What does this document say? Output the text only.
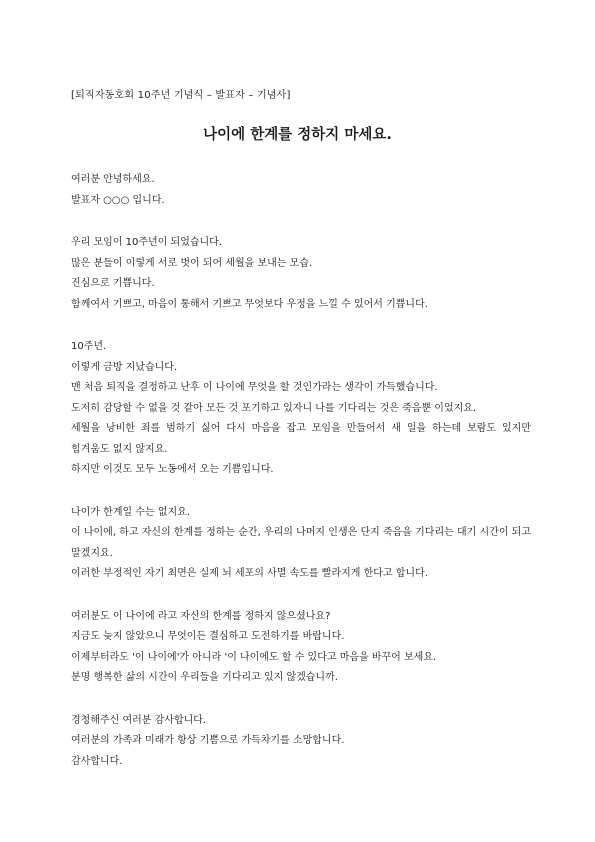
[퇴직자동호회 10주년 기념식 – 발표자 – 기념사]
나이에 한계를 정하지 마세요.
여러분 안녕하세요.
발표자 ○○○ 입니다.
우리 모임이 10주년이 되었습니다.
많은 분들이 이렇게 서로 벗이 되어 세월을 보내는 모습.
진심으로 기쁩니다.
함께여서 기쁘고, 마음이 통해서 기쁘고 무엇보다 우정을 느낄 수 있어서 기쁩니다.
10주년.
이렇게 금방 지났습니다.
맨 처음 퇴직을 결정하고 난후 이 나이에 무엇을 할 것인가라는 생각이 가득했습니다.
도저히 감당할 수 없을 것 같아 모든 것 포기하고 있자니 나를 기다리는 것은 죽음뿐 이었지요.
세월을 낭비한 죄를 범하기 싫어 다시 마음을 잡고 모임을 만들어서 새 일을 하는데 보람도 있지만 힘겨움도 없지 않지요.
하지만 이것도 모두 노동에서 오는 기쁨입니다.
나이가 한계일 수는 없지요.
이 나이에, 하고 자신의 한계를 정하는 순간, 우리의 나머지 인생은 단지 죽음을 기다리는 대기 시간이 되고 말겠지요.
이러한 부정적인 자기 최면은 실제 뇌 세포의 사멸 속도를 빨라지게 한다고 합니다.
여러분도 이 나이에 라고 자신의 한계를 정하지 않으셨나요?
지금도 늦지 않았으니 무엇이든 결심하고 도전하기를 바랍니다.
이제부터라도 '이 나이에'가 아니라 '이 나이에도 할 수 있다고 마음을 바꾸어 보세요.
분명 행복한 삶의 시간이 우리들을 기다리고 있지 않겠습니까.
경청해주신 여러분 감사합니다.
여러분의 가족과 미래가 항상 기쁨으로 가득차기를 소망합니다.
감사합니다.
